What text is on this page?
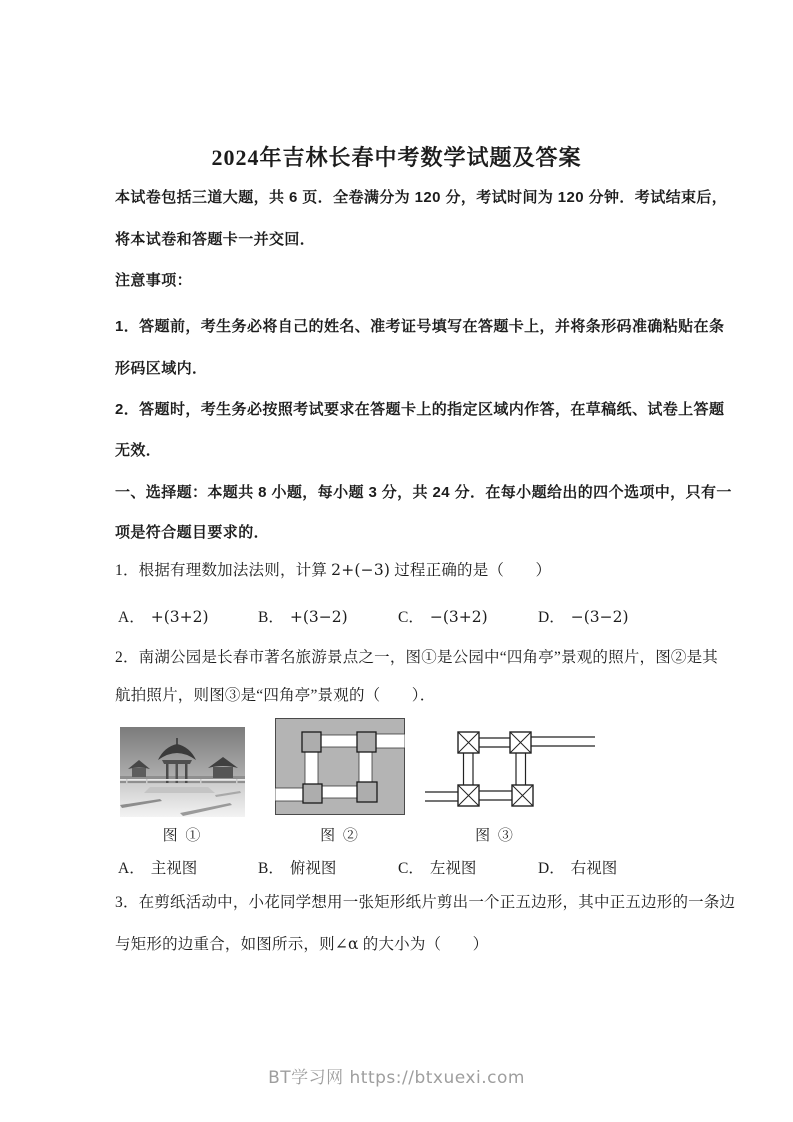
2024年吉林长春中考数学试题及答案
本试卷包括三道大题，共 6 页．全卷满分为 120 分，考试时间为 120 分钟．考试结束后，
将本试卷和答题卡一并交回．
注意事项：
1．答题前，考生务必将自己的姓名、准考证号填写在答题卡上，并将条形码准确粘贴在条
形码区域内．
2．答题时，考生务必按照考试要求在答题卡上的指定区域内作答，在草稿纸、试卷上答题
无效．
一、选择题：本题共 8 小题，每小题 3 分，共 24 分．在每小题给出的四个选项中，只有一
项是符合题目要求的．
1．根据有理数加法法则，计算 2+(−3) 过程正确的是（　　）
A． +(3+2)	B． +(3−2)	C． −(3+2)	D． −(3−2)
2．南湖公园是长春市著名旅游景点之一，图①是公园中“四角亭”景观的照片，图②是其
航拍照片，则图③是“四角亭”景观的（　　）．
图 ①	图 ②	图 ③
A． 主视图	B． 俯视图	C． 左视图	D． 右视图
3．在剪纸活动中，小花同学想用一张矩形纸片剪出一个正五边形，其中正五边形的一条边
与矩形的边重合，如图所示，则∠α 的大小为（　　）
BT学习网 https://btxuexi.com
